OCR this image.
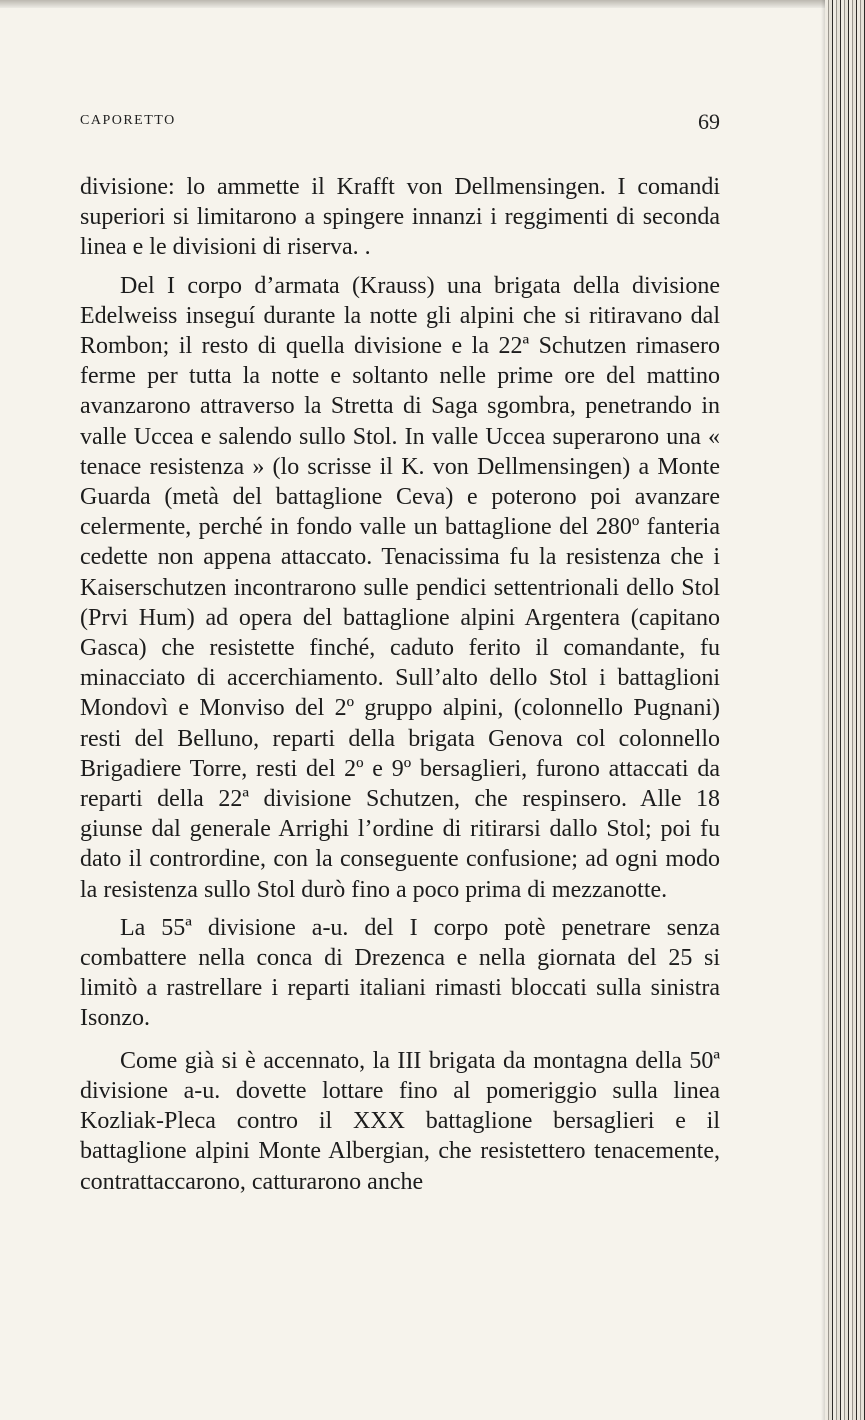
CAPORETTO	69

divisione: lo ammette il Krafft von Dellmensingen. I comandi superiori si limitarono a spingere innanzi i reggimenti di seconda linea e le divisioni di riserva. .

Del I corpo d’armata (Krauss) una brigata della divisione Edelweiss inseguí durante la notte gli alpini che si ritiravano dal Rombon; il resto di quella divisione e la 22ª Schutzen rimasero ferme per tutta la notte e soltanto nelle prime ore del mattino avanzarono attraverso la Stretta di Saga sgombra, penetrando in valle Uccea e salendo sullo Stol. In valle Uccea superarono una « tenace resistenza » (lo scrisse il K. von Dellmensingen) a Monte Guarda (metà del battaglione Ceva) e poterono poi avanzare celermente, perché in fondo valle un battaglione del 280º fanteria cedette non appena attaccato. Tenacissima fu la resistenza che i Kaiserschutzen incontrarono sulle pendici settentrionali dello Stol (Prvi Hum) ad opera del battaglione alpini Argentera (capitano Gasca) che resistette finché, caduto ferito il comandante, fu minacciato di accerchiamento. Sull’alto dello Stol i battaglioni Mondovì e Monviso del 2º gruppo alpini, (colonnello Pugnani) resti del Belluno, reparti della brigata Genova col colonnello Brigadiere Torre, resti del 2º e 9º bersaglieri, furono attaccati da reparti della 22ª divisione Schutzen, che respinsero. Alle 18 giunse dal generale Arrighi l’ordine di ritirarsi dallo Stol; poi fu dato il contrordine, con la conseguente confusione; ad ogni modo la resistenza sullo Stol durò fino a poco prima di mezzanotte.

La 55ª divisione a-u. del I corpo potè penetrare senza combattere nella conca di Drezenca e nella giornata del 25 si limitò a rastrellare i reparti italiani rimasti bloccati sulla sinistra Isonzo.

Come già si è accennato, la III brigata da montagna della 50ª divisione a-u. dovette lottare fino al pomeriggio sulla linea Kozliak-Pleca contro il XXX battaglione bersaglieri e il battaglione alpini Monte Albergian, che resistettero tenacemente, contrattaccarono, catturarono anche
